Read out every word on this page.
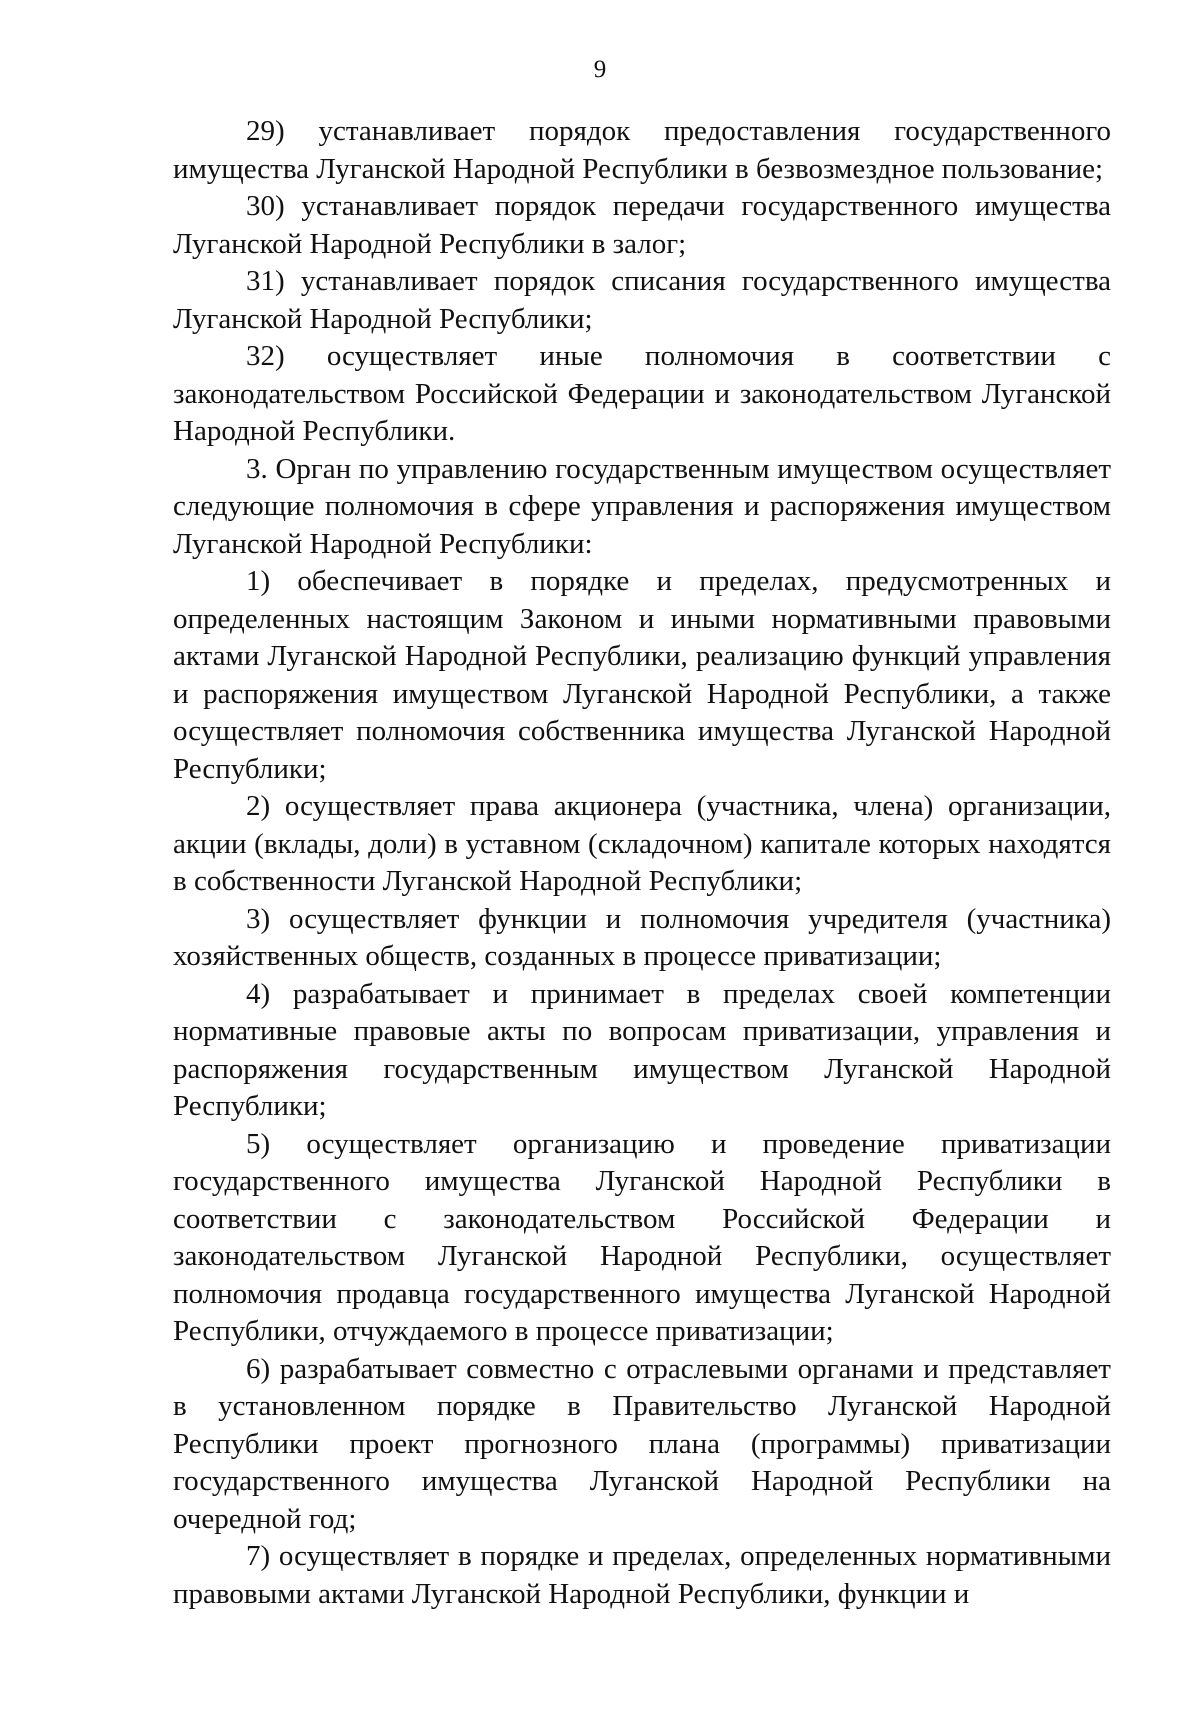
9

29) устанавливает порядок предоставления государственного имущества Луганской Народной Республики в безвозмездное пользование;

30) устанавливает порядок передачи государственного имущества Луганской Народной Республики в залог;

31) устанавливает порядок списания государственного имущества Луганской Народной Республики;

32) осуществляет иные полномочия в соответствии с законодательством Российской Федерации и законодательством Луганской Народной Республики.

3. Орган по управлению государственным имуществом осуществляет следующие полномочия в сфере управления и распоряжения имуществом Луганской Народной Республики:

1) обеспечивает в порядке и пределах, предусмотренных и определенных настоящим Законом и иными нормативными правовыми актами Луганской Народной Республики, реализацию функций управления и распоряжения имуществом Луганской Народной Республики, а также осуществляет полномочия собственника имущества Луганской Народной Республики;

2) осуществляет права акционера (участника, члена) организации, акции (вклады, доли) в уставном (складочном) капитале которых находятся в собственности Луганской Народной Республики;

3) осуществляет функции и полномочия учредителя (участника) хозяйственных обществ, созданных в процессе приватизации;

4) разрабатывает и принимает в пределах своей компетенции нормативные правовые акты по вопросам приватизации, управления и распоряжения государственным имуществом Луганской Народной Республики;

5) осуществляет организацию и проведение приватизации государственного имущества Луганской Народной Республики в соответствии с законодательством Российской Федерации и законодательством Луганской Народной Республики, осуществляет полномочия продавца государственного имущества Луганской Народной Республики, отчуждаемого в процессе приватизации;

6) разрабатывает совместно с отраслевыми органами и представляет в установленном порядке в Правительство Луганской Народной Республики проект прогнозного плана (программы) приватизации государственного имущества Луганской Народной Республики на очередной год;

7) осуществляет в порядке и пределах, определенных нормативными правовыми актами Луганской Народной Республики, функции и
